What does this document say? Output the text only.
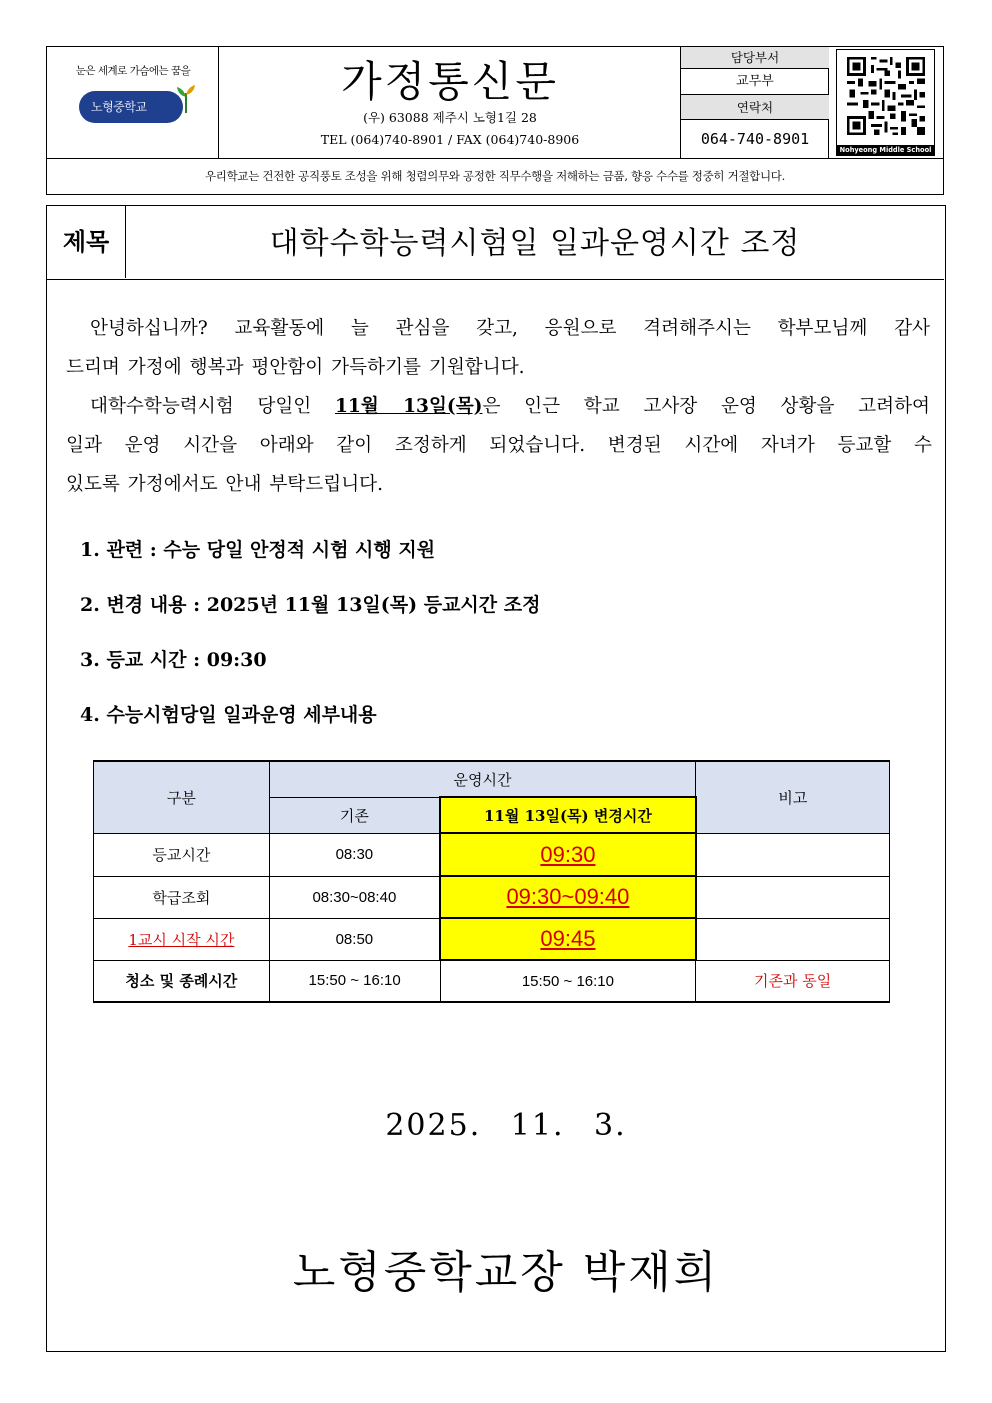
눈은 세계로 가슴에는 꿈을
노형중학교
가정통신문
(우) 63088 제주시 노형1길 28
TEL (064)740-8901 / FAX (064)740-8906
담당부서
교무부
연락처
064-740-8901
Nohyeong Middle School
우리학교는 건전한 공직풍토 조성을 위해 청렴의무와 공정한 직무수행을 저해하는 금품, 향응 수수를 정중히 거절합니다.
제목	대학수학능력시험일 일과운영시간 조정
안녕하십니까? 교육활동에 늘 관심을 갖고, 응원으로 격려해주시는 학부모님께 감사
드리며 가정에 행복과 평안함이 가득하기를 기원합니다.
대학수학능력시험 당일인 11월 13일(목)은 인근 학교 고사장 운영 상황을 고려하여
일과 운영 시간을 아래와 같이 조정하게 되었습니다. 변경된 시간에 자녀가 등교할 수
있도록 가정에서도 안내 부탁드립니다.
1. 관련 : 수능 당일 안정적 시험 시행 지원
2. 변경 내용 : 2025년 11월 13일(목) 등교시간 조정
3. 등교 시간 : 09:30
4. 수능시험당일 일과운영 세부내용
구분	운영시간		비고
	기존	11월 13일(목) 변경시간	
등교시간	08:30	09:30	
학급조회	08:30~08:40	09:30~09:40	
1교시 시작 시간	08:50	09:45	
청소 및 종례시간	15:50 ~ 16:10	15:50 ~ 16:10	기존과 동일
2025. 11. 3.
노형중학교장 박재희
